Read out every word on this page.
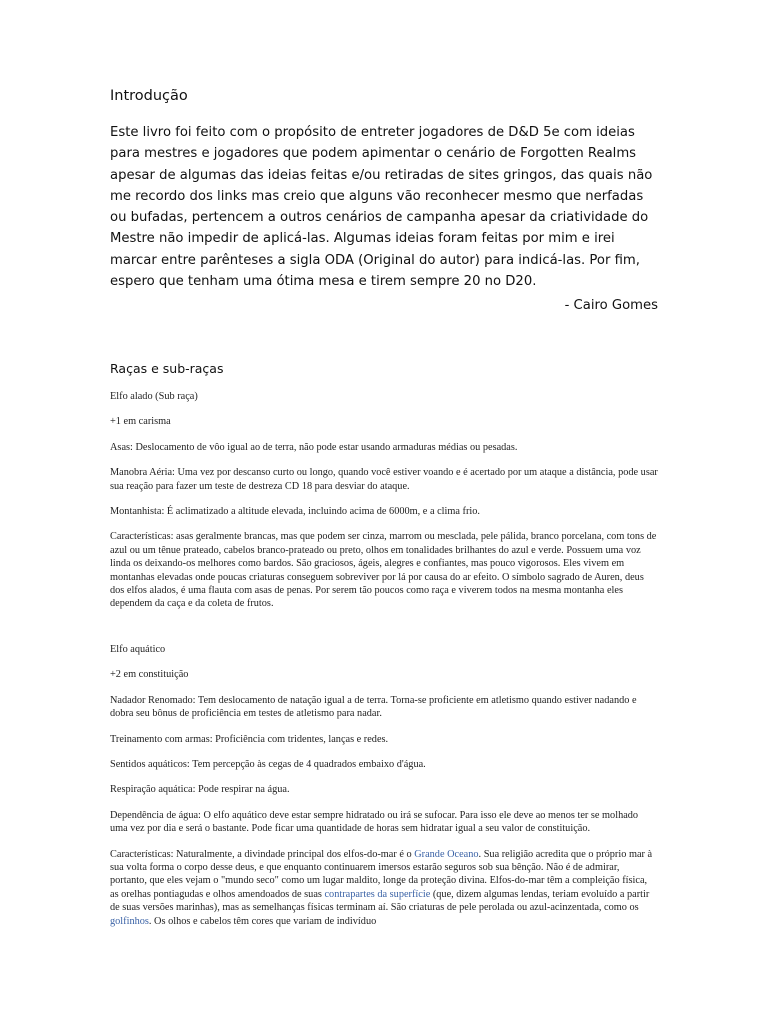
Introdução

Este livro foi feito com o propósito de entreter jogadores de D&D 5e com ideias para mestres e jogadores que podem apimentar o cenário de Forgotten Realms apesar de algumas das ideias feitas e/ou retiradas de sites gringos, das quais não me recordo dos links mas creio que alguns vão reconhecer mesmo que nerfadas ou bufadas, pertencem a outros cenários de campanha apesar da criatividade do Mestre não impedir de aplicá-las. Algumas ideias foram feitas por mim e irei marcar entre parênteses a sigla ODA (Original do autor) para indicá-las. Por fim, espero que tenham uma ótima mesa e tirem sempre 20 no D20.

- Cairo Gomes

Raças e sub-raças

Elfo alado (Sub raça)

+1 em carisma

Asas: Deslocamento de vôo igual ao de terra, não pode estar usando armaduras médias ou pesadas.

Manobra Aéria: Uma vez por descanso curto ou longo, quando você estiver voando e é acertado por um ataque a distância, pode usar sua reação para fazer um teste de destreza CD 18 para desviar do ataque.

Montanhista: É aclimatizado a altitude elevada, incluindo acima de 6000m, e a clima frio.

Características: asas geralmente brancas, mas que podem ser cinza, marrom ou mesclada, pele pálida, branco porcelana, com tons de azul ou um tênue prateado, cabelos branco-prateado ou preto, olhos em tonalidades brilhantes do azul e verde. Possuem uma voz linda os deixando-os melhores como bardos. São graciosos, ágeis, alegres e confiantes, mas pouco vigorosos. Eles vivem em montanhas elevadas onde poucas criaturas conseguem sobreviver por lá por causa do ar efeito. O símbolo sagrado de Auren, deus dos elfos alados, é uma flauta com asas de penas. Por serem tão poucos como raça e viverem todos na mesma montanha eles dependem da caça e da coleta de frutos.

Elfo aquático

+2 em constituição

Nadador Renomado: Tem deslocamento de natação igual a de terra. Torna-se proficiente em atletismo quando estiver nadando e dobra seu bônus de proficiência em testes de atletismo para nadar.

Treinamento com armas: Proficiência com tridentes, lanças e redes.

Sentidos aquáticos: Tem percepção às cegas de 4 quadrados embaixo d'água.

Respiração aquática: Pode respirar na água.

Dependência de água: O elfo aquático deve estar sempre hidratado ou irá se sufocar. Para isso ele deve ao menos ter se molhado uma vez por dia e será o bastante. Pode ficar uma quantidade de horas sem hidratar igual a seu valor de constituição.

Características: Naturalmente, a divindade principal dos elfos-do-mar é o Grande Oceano. Sua religião acredita que o próprio mar à sua volta forma o corpo desse deus, e que enquanto continuarem imersos estarão seguros sob sua bênção. Não é de admirar, portanto, que eles vejam o "mundo seco" como um lugar maldito, longe da proteção divina. Elfos-do-mar têm a compleição física, as orelhas pontiagudas e olhos amendoados de suas contrapartes da superfície (que, dizem algumas lendas, teriam evoluído a partir de suas versões marinhas), mas as semelhanças físicas terminam aí. São criaturas de pele perolada ou azul-acinzentada, como os golfinhos. Os olhos e cabelos têm cores que variam de indivíduo
